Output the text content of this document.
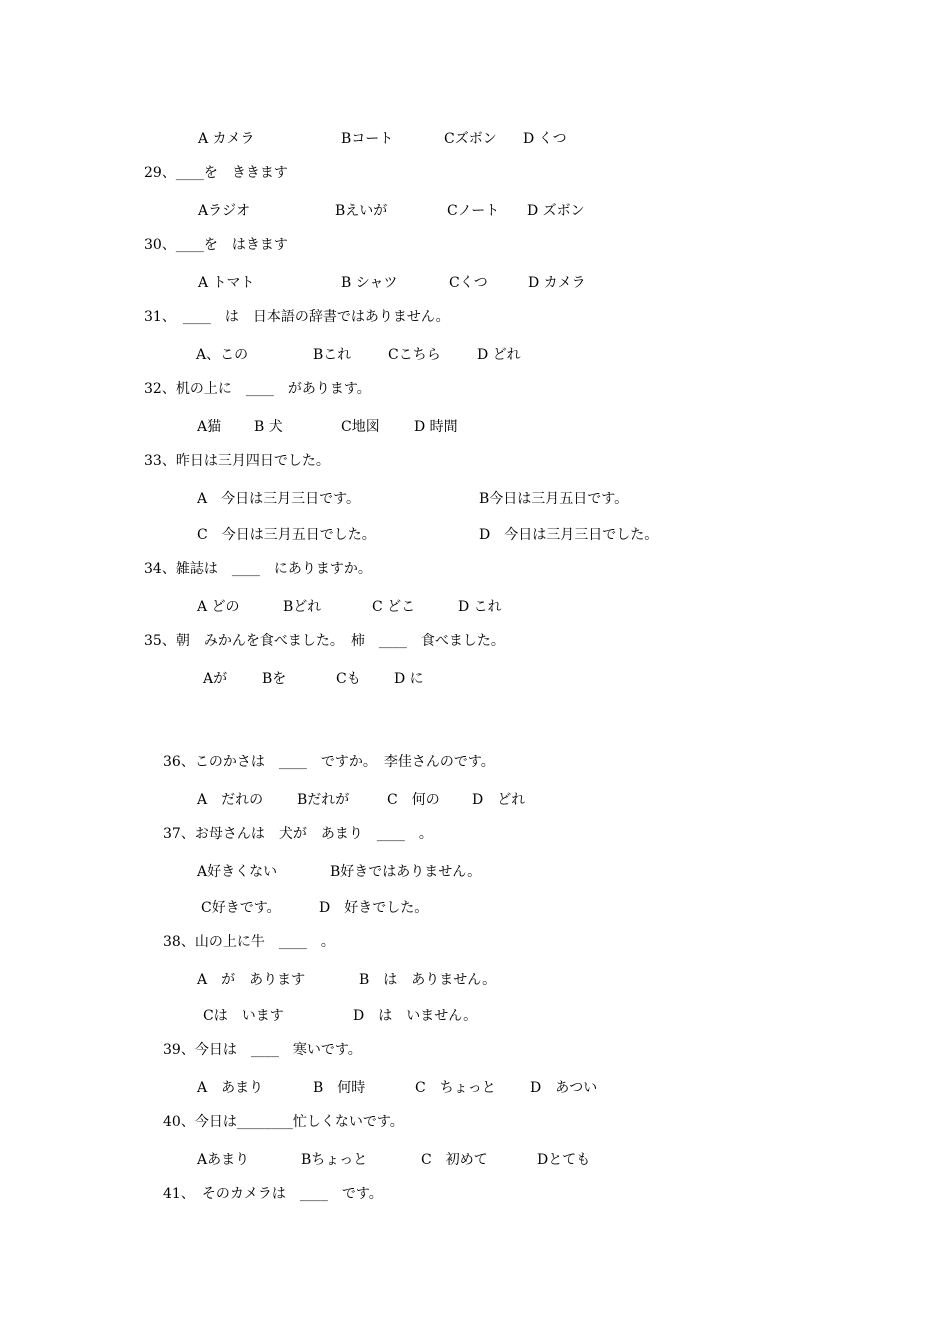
A カメラ	Bコート	Cズボン D くつ
29、____を　ききます
Aラジオ	Bえいが	Cノート D ズボン
30、____を　はきます
A トマト	B シャツ	Cくつ	D カメラ
31、　____　は　日本語の辞書ではありません。
A、この	Bこれ	Cこちら	D どれ
32、机の上に　____　があります。
A猫 B 犬	C地図 D 時間
33、昨日は三月四日でした。
A　今日は三月三日です。	B今日は三月五日です。
C　今日は三月五日でした。	D　今日は三月三日でした。
34、雑誌は　____　にありますか。
A どの	Bどれ	C どこ	D これ
35、朝　みかんを食べました。　柿　____　食べました。
Aが Bを	Cも D に
36、このかさは　____　ですか。　李佳さんのです。
A　だれの Bだれが	C　何の D　どれ
37、お母さんは　犬が　あまり　____　。
A好きくない	B好きではありません。
C好きです。	D　好きでした。
38、山の上に牛　____　。
A　が　あります	B　は　ありません。
Cは　います	D　は　いません。
39、今日は　____　寒いです。
A　あまり	B　何時	C　ちょっと D　あつい
40、今日は________忙しくないです。
Aあまり	Bちょっと	C　初めて	Dとても
41、　そのカメラは　____　です。
